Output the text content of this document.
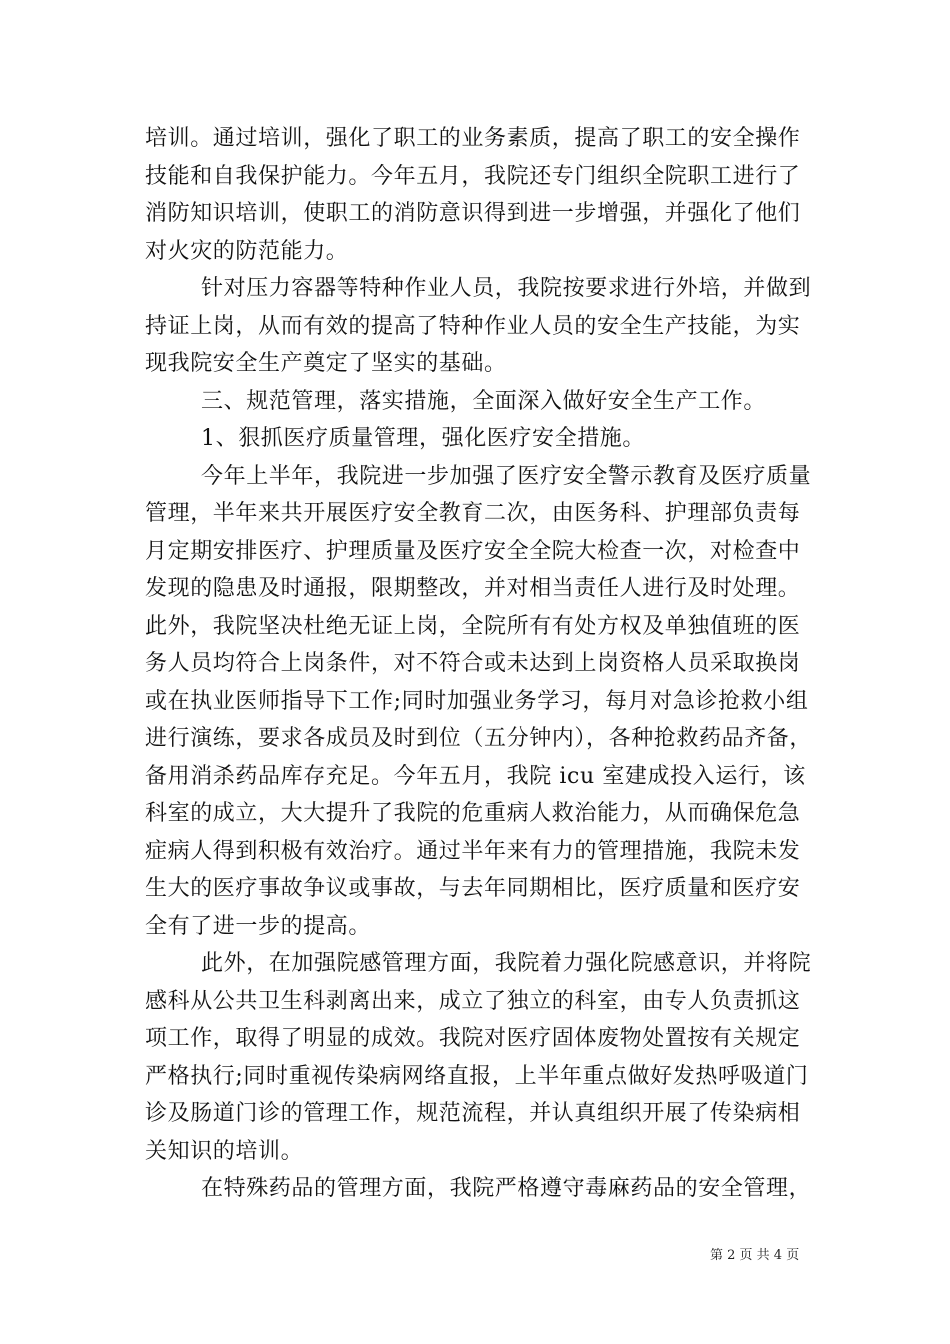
培训。通过培训，强化了职工的业务素质，提高了职工的安全操作
技能和自我保护能力。今年五月，我院还专门组织全院职工进行了
消防知识培训，使职工的消防意识得到进一步增强，并强化了他们
对火灾的防范能力。
针对压力容器等特种作业人员，我院按要求进行外培，并做到
持证上岗，从而有效的提高了特种作业人员的安全生产技能，为实
现我院安全生产奠定了坚实的基础。
三、规范管理，落实措施，全面深入做好安全生产工作。
1、狠抓医疗质量管理，强化医疗安全措施。
今年上半年，我院进一步加强了医疗安全警示教育及医疗质量
管理，半年来共开展医疗安全教育二次，由医务科、护理部负责每
月定期安排医疗、护理质量及医疗安全全院大检查一次，对检查中
发现的隐患及时通报，限期整改，并对相当责任人进行及时处理。
此外，我院坚决杜绝无证上岗，全院所有有处方权及单独值班的医
务人员均符合上岗条件，对不符合或未达到上岗资格人员采取换岗
或在执业医师指导下工作;同时加强业务学习，每月对急诊抢救小组
进行演练，要求各成员及时到位（五分钟内），各种抢救药品齐备，
备用消杀药品库存充足。今年五月，我院 icu 室建成投入运行，该
科室的成立，大大提升了我院的危重病人救治能力，从而确保危急
症病人得到积极有效治疗。通过半年来有力的管理措施，我院未发
生大的医疗事故争议或事故，与去年同期相比，医疗质量和医疗安
全有了进一步的提高。
此外，在加强院感管理方面，我院着力强化院感意识，并将院
感科从公共卫生科剥离出来，成立了独立的科室，由专人负责抓这
项工作，取得了明显的成效。我院对医疗固体废物处置按有关规定
严格执行;同时重视传染病网络直报，上半年重点做好发热呼吸道门
诊及肠道门诊的管理工作，规范流程，并认真组织开展了传染病相
关知识的培训。
在特殊药品的管理方面，我院严格遵守毒麻药品的安全管理，
第 2 页 共 4 页
